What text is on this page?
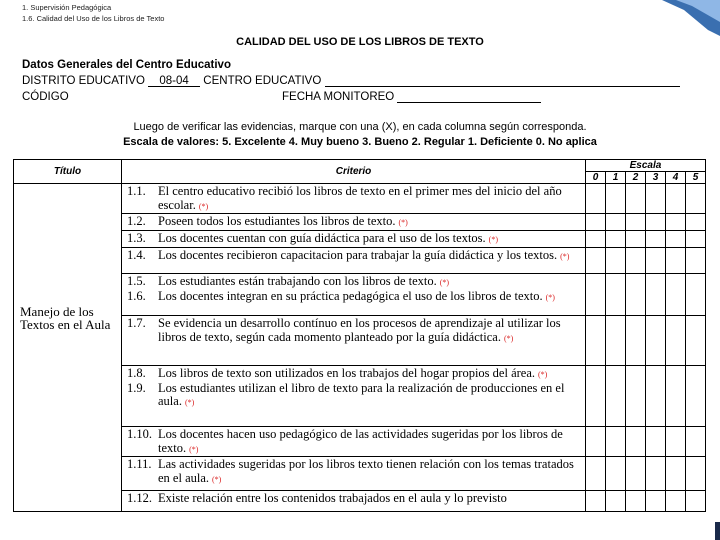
1. Supervisión Pedagógica
1.6. Calidad del Uso de los Libros de Texto
CALIDAD DEL USO DE LOS LIBROS DE TEXTO
Datos Generales del Centro Educativo
DISTRITO EDUCATIVO 08-04 CENTRO EDUCATIVO
CÓDIGO	FECHA MONITOREO
Luego de verificar las evidencias, marque con una (X), en cada columna según corresponda.
Escala de valores: 5. Excelente 4. Muy bueno 3. Bueno 2. Regular 1. Deficiente 0. No aplica
Título	Criterio	Escala					
		0	1	2	3	4	5
Manejo de los Textos en el Aula	1.1. El centro educativo recibió los libros de texto en el primer mes del inicio del año escolar. (*)						

	1.2. Poseen todos los estudiantes los libros de texto. (*)						

	1.3. Los docentes cuentan con guía didáctica para el uso de los textos. (*)						

	1.4. Los docentes recibieron capacitacion para trabajar la guía didáctica y los textos. (*)						

	1.5. Los estudiantes están trabajando con los libros de texto. (*)
1.6. Los docentes integran en su práctica pedagógica el uso de los libros de texto. (*)						

	1.7. Se evidencia un desarrollo contínuo en los procesos de aprendizaje al utilizar los libros de texto, según cada momento planteado por la guía didáctica. (*)						

	1.8. Los libros de texto son utilizados en los trabajos del hogar propios del área. (*)
1.9. Los estudiantes utilizan el libro de texto para la realización de producciones en el aula. (*)						

	1.10. Los docentes hacen uso pedagógico de las actividades sugeridas por los libros de texto. (*)						

	1.11. Las actividades sugeridas por los libros texto tienen relación con los temas tratados en el aula. (*)						

	1.12. Existe relación entre los contenidos trabajados en el aula y lo previsto						
